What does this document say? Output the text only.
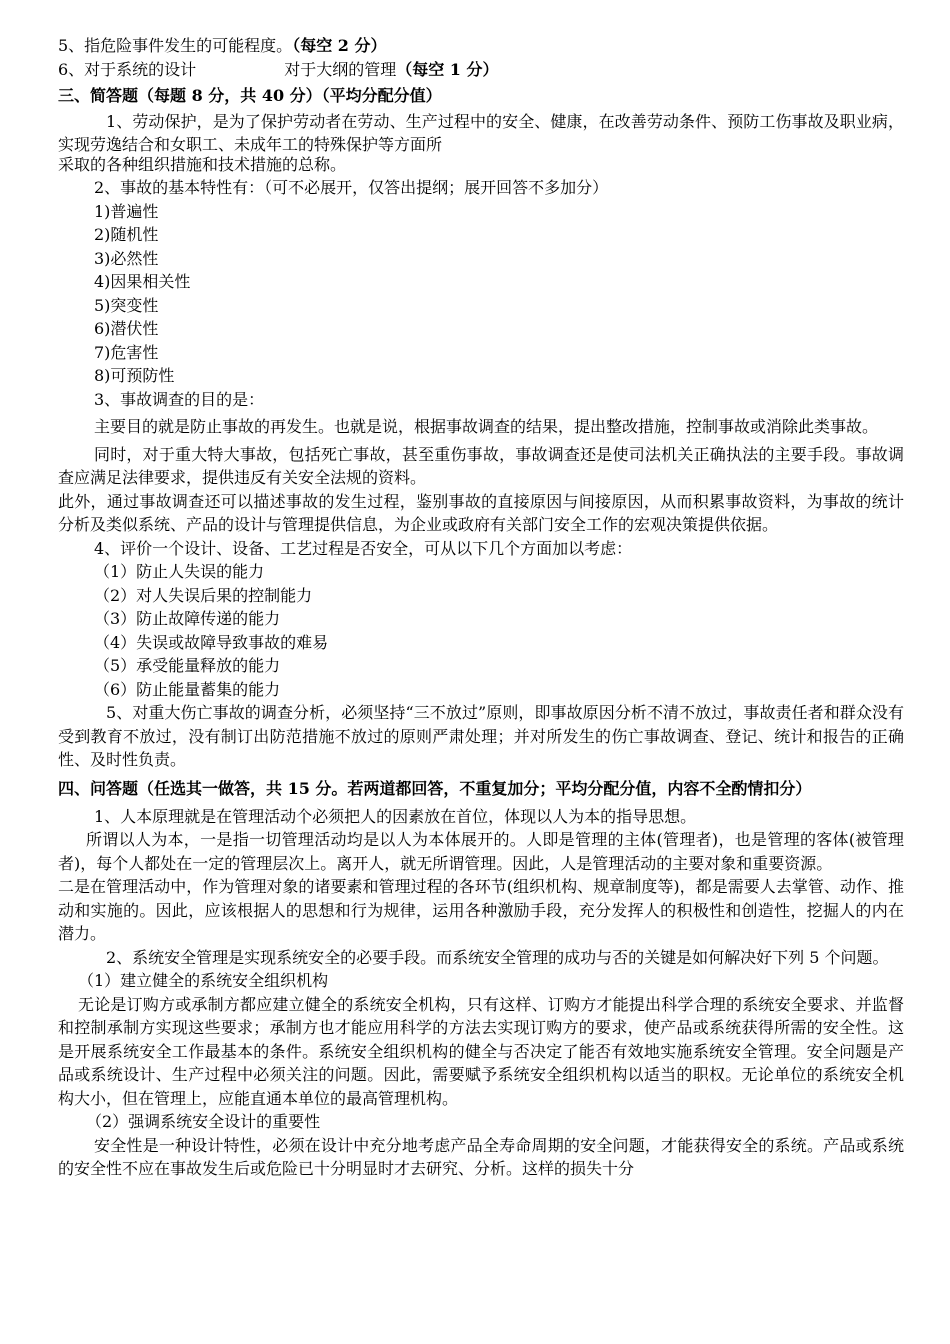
5、指危险事件发生的可能程度。（每空 2 分）

6、对于系统的设计	对于大纲的管理（每空 1 分）

三、简答题（每题 8 分，共 40 分）（平均分配分值）

1、劳动保护，是为了保护劳动者在劳动、生产过程中的安全、健康，在改善劳动条件、预防工伤事故及职业病，实现劳逸结合和女职工、未成年工的特殊保护等方面所

采取的各种组织措施和技术措施的总称。

2、事故的基本特性有：（可不必展开，仅答出提纲；展开回答不多加分）

1)普遍性

2)随机性

3)必然性

4)因果相关性

5)突变性

6)潜伏性

7)危害性

8)可预防性

3、事故调查的目的是：

主要目的就是防止事故的再发生。也就是说，根据事故调查的结果，提出整改措施，控制事故或消除此类事故。

同时，对于重大特大事故，包括死亡事故，甚至重伤事故，事故调查还是使司法机关正确执法的主要手段。事故调查应满足法律要求，提供违反有关安全法规的资料。

此外，通过事故调查还可以描述事故的发生过程，鉴别事故的直接原因与间接原因，从而积累事故资料，为事故的统计分析及类似系统、产品的设计与管理提供信息，为企业或政府有关部门安全工作的宏观决策提供依据。

4、评价一个设计、设备、工艺过程是否安全，可从以下几个方面加以考虑：

（1）防止人失误的能力

（2）对人失误后果的控制能力

（3）防止故障传递的能力

（4）失误或故障导致事故的难易

（5）承受能量释放的能力

（6）防止能量蓄集的能力

5、对重大伤亡事故的调查分析，必须坚持“三不放过”原则，即事故原因分析不清不放过，事故责任者和群众没有受到教育不放过，没有制订出防范措施不放过的原则严肃处理；并对所发生的伤亡事故调查、登记、统计和报告的正确性、及时性负责。

四、问答题（任选其一做答，共 15 分。若两道都回答，不重复加分；平均分配分值，内容不全酌情扣分）

1、人本原理就是在管理活动个必须把人的因素放在首位，体现以人为本的指导思想。

所谓以人为本，一是指一切管理活动均是以人为本体展开的。人即是管理的主体(管理者)，也是管理的客体(被管理者)，每个人都处在一定的管理层次上。离开人，就无所谓管理。因此，人是管理活动的主要对象和重要资源。

二是在管理活动中，作为管理对象的诸要素和管理过程的各环节(组织机构、规章制度等)，都是需要人去掌管、动作、推动和实施的。因此，应该根据人的思想和行为规律，运用各种激励手段，充分发挥人的积极性和创造性，挖掘人的内在潜力。

2、系统安全管理是实现系统安全的必要手段。而系统安全管理的成功与否的关键是如何解决好下列 5 个问题。

（1）建立健全的系统安全组织机构

无论是订购方或承制方都应建立健全的系统安全机构，只有这样、订购方才能提出科学合理的系统安全要求、并监督和控制承制方实现这些要求；承制方也才能应用科学的方法去实现订购方的要求，使产品或系统获得所需的安全性。这是开展系统安全工作最基本的条件。系统安全组织机构的健全与否决定了能否有效地实施系统安全管理。安全问题是产品或系统设计、生产过程中必须关注的问题。因此，需要赋予系统安全组织机构以适当的职权。无论单位的系统安全机构大小，但在管理上，应能直通本单位的最高管理机构。

（2）强调系统安全设计的重要性

安全性是一种设计特性，必须在设计中充分地考虑产品全寿命周期的安全问题，才能获得安全的系统。产品或系统的安全性不应在事故发生后或危险已十分明显时才去研究、分析。这样的损失十分
